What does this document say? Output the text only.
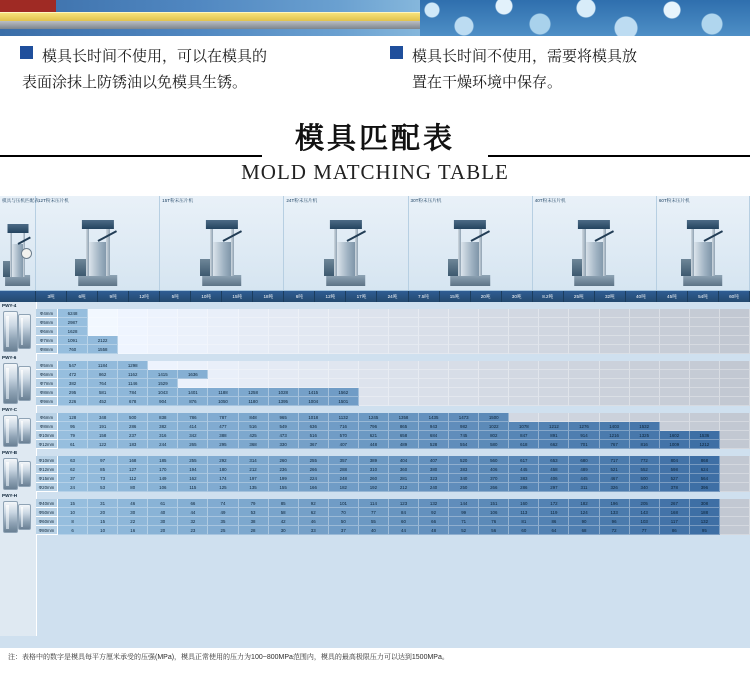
模具长时间不使用，可以在模具的
表面涂抹上防锈油以免模具生锈。
模具长时间不使用，需要将模具放
置在干燥环境中保存。
模具匹配表
MOLD MATCHING TABLE
模具与压机匹配表 12T粉末压片机	15T粉末压片机	24T粉末压片机	30T粉末压片机	40T粉末压片机	60T粉末压片机
3吨	6吨	9吨	12吨	5吨	10吨	15吨	18吨	6吨	12吨	17吨	24吨	7.5吨	15吨	20吨	30吨	8.2吨	25吨	32吨	40吨	45吨	54吨	60吨
PWY-4
Φ4mm	6248
Φ5mm	2987
Φ6mm	1628
Φ7mm	1091	2122
Φ8mm	760	1558
PWY-6
Φ5mm	547	1184	1298
Φ6mm	472	862	1162	1415	1636
Φ7mm	382	764	1146	1529
Φ8mm	295	581	784	1043	1401	1188	1258	1028	1415	1562
Φ9mm	226	452	678	904	876	1050	1180	1395	1004	1501
PWY-C
Φ6mm	128	348	500	838	786	787	848	965	1018	1132	1245	1358	1435	1473	1500
Φ8mm	95	191	286	382	414	477	516	549	636	716	796	865	943	982	1022	1078	1212	1276	1403	1532
Φ10mm	79	158	237	316	342	388	425	473	516	570	621	658	684	745	802	847	891	914	1216	1325	1602	1536
Φ12mm	61	122	183	244	265	295	368	330	367	407	448	489	528	554	580	618	662	701	767	816	1009	1212
PWY-B
Φ10mm	63	97	168	185	255	292	314	260	255	357	389	404	407	520	560	617	653	680	717	772	804	868
Φ12mm	62	85	127	170	194	180	212	236	266	288	310	360	380	383	406	445	458	489	521	552	598	624
Φ15mm	37	73	112	149	162	174	197	199	224	248	260	281	323	340	370	383	406	445	467	500	527	564
Φ20mm	24	53	80	106	115	125	135	155	166	182	192	212	240	250	266	286	297	311	326	340	378	396
PWY-H
Φ40mm	15	31	46	61	66	74	79	85	92	101	114	123	132	144	151	160	172	182	196	205	267	308
Φ50mm	10	20	30	40	44	49	53	58	62	70	77	84	92	99	106	113	119	124	133	143	168	188
Φ60mm	8	15	22	30	32	35	38	42	46	50	55	60	66	71	76	81	86	90	96	103	117	132
Φ80mm	6	10	16	20	23	25	28	30	33	37	40	44	48	52	56	60	64	68	72	77	86	95
注：表格中的数字是模具每平方厘米承受的压强(MPa)，模具正常使用的压力为100~800MPa范围内，模具的最高极限压力可以达到1500MPa。
